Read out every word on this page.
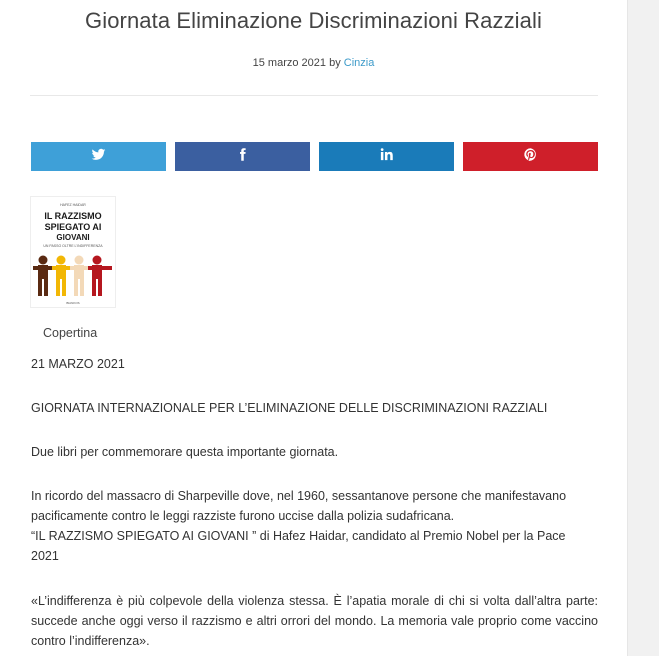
Giornata Eliminazione Discriminazioni Razziali
15 marzo 2021 by Cinzia
HAFEZ HAIDAR
IL RAZZISMO
SPIEGATO AI
GIOVANI
UN PASSO OLTRE L'INDIFFERENZA
BIANKOS
Copertina

21 MARZO 2021

GIORNATA INTERNAZIONALE PER L’ELIMINAZIONE DELLE DISCRIMINAZIONI RAZZIALI

Due libri per commemorare questa importante giornata.

In ricordo del massacro di Sharpeville dove, nel 1960, sessantanove persone che manifestavano
pacificamente contro le leggi razziste furono uccise dalla polizia sudafricana.
“IL RAZZISMO SPIEGATO AI GIOVANI ” di Hafez Haidar, candidato al Premio Nobel per la Pace
2021

«L’indifferenza è più colpevole della violenza stessa. È l’apatia morale di chi si volta dall’altra parte: succede anche oggi verso il razzismo e altri orrori del mondo. La memoria vale proprio come vaccino contro l’indifferenza».
